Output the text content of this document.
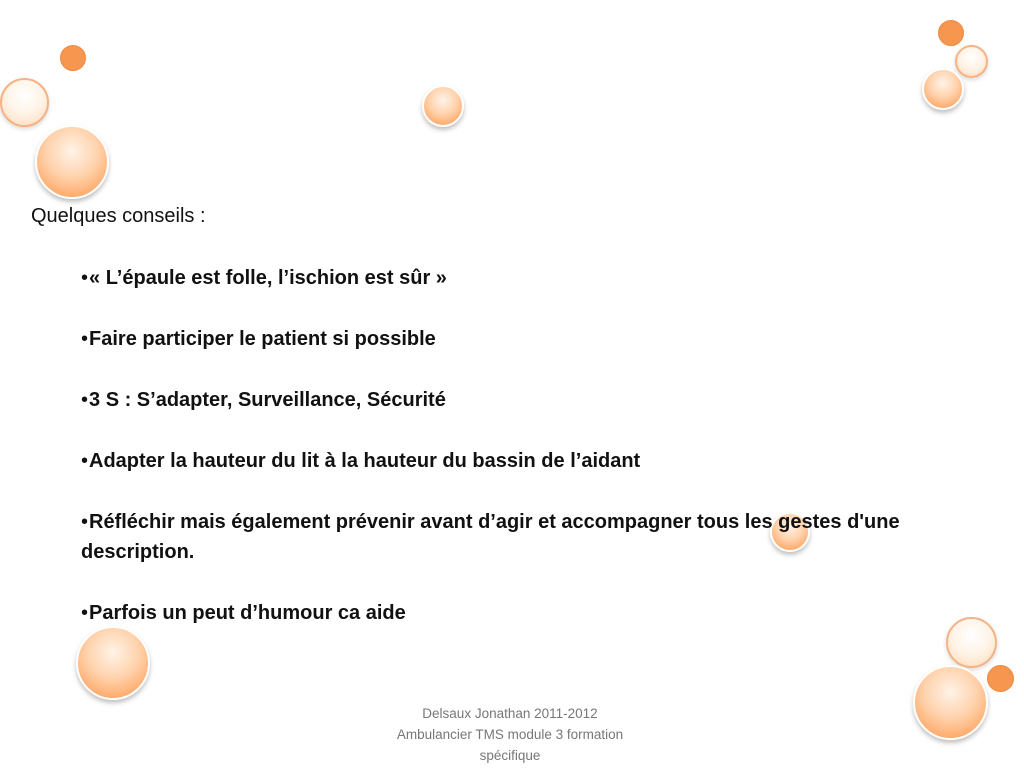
Quelques conseils :

•« L’épaule est folle, l’ischion est sûr »
•Faire participer le patient si possible
•3 S : S’adapter, Surveillance, Sécurité
•Adapter la hauteur du lit à la hauteur du bassin de l’aidant
•Réfléchir mais également prévenir avant d’agir et accompagner tous les gestes d'une description.
•Parfois un peut d’humour ca aide
Delsaux Jonathan 2011-2012
Ambulancier TMS module 3 formation
spécifique
